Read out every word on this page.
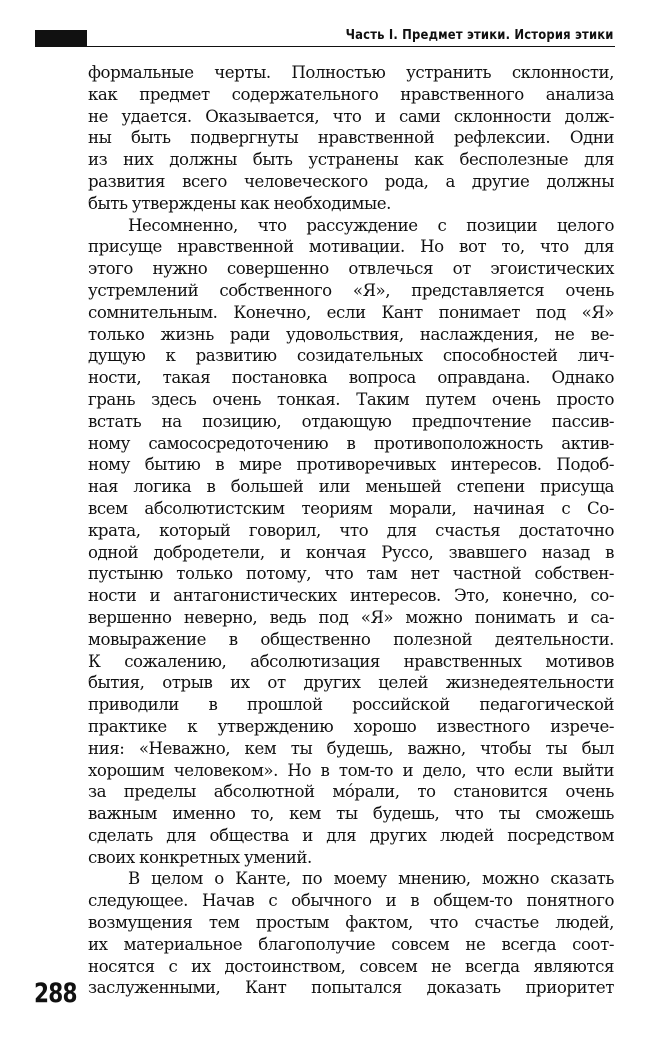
Часть I. Предмет этики. История этики
формальные черты. Полностью устранить склонности,
как предмет содержательного нравственного анализа
не удается. Оказывается, что и сами склонности долж-
ны быть подвергнуты нравственной рефлексии. Одни
из них должны быть устранены как бесполезные для
развития всего человеческого рода, а другие должны
быть утверждены как необходимые.
Несомненно, что рассуждение с позиции целого
присуще нравственной мотивации. Но вот то, что для
этого нужно совершенно отвлечься от эгоистических
устремлений собственного «Я», представляется очень
сомнительным. Конечно, если Кант понимает под «Я»
только жизнь ради удовольствия, наслаждения, не ве-
дущую к развитию созидательных способностей лич-
ности, такая постановка вопроса оправдана. Однако
грань здесь очень тонкая. Таким путем очень просто
встать на позицию, отдающую предпочтение пассив-
ному самососредоточению в противоположность актив-
ному бытию в мире противоречивых интересов. Подоб-
ная логика в большей или меньшей степени присуща
всем абсолютистским теориям морали, начиная с Со-
крата, который говорил, что для счастья достаточно
одной добродетели, и кончая Руссо, звавшего назад в
пустыню только потому, что там нет частной собствен-
ности и антагонистических интересов. Это, конечно, со-
вершенно неверно, ведь под «Я» можно понимать и са-
мовыражение в общественно полезной деятельности.
К сожалению, абсолютизация нравственных мотивов
бытия, отрыв их от других целей жизнедеятельности
приводили в прошлой российской педагогической
практике к утверждению хорошо известного изрече-
ния: «Неважно, кем ты будешь, важно, чтобы ты был
хорошим человеком». Но в том-то и дело, что если выйти
за пределы абсолютной мóрали, то становится очень
важным именно то, кем ты будешь, что ты сможешь
сделать для общества и для других людей посредством
своих конкретных умений.
В целом о Канте, по моему мнению, можно сказать
следующее. Начав с обычного и в общем-то понятного
возмущения тем простым фактом, что счастье людей,
их материальное благополучие совсем не всегда соот-
носятся с их достоинством, совсем не всегда являются
заслуженными, Кант попытался доказать приоритет
288
